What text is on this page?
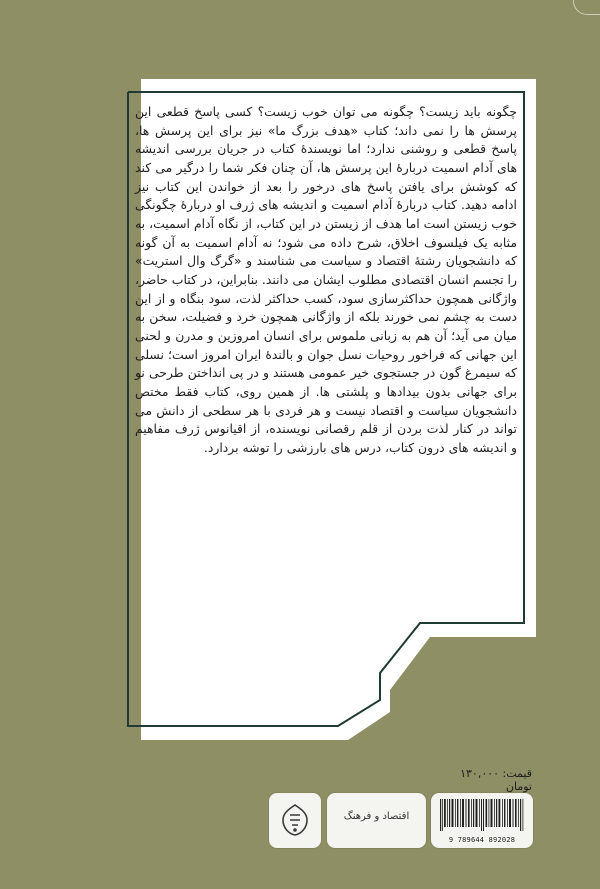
چگونه باید زیست؟ چگونه می توان خوب زیست؟ کسی پاسخ قطعی این پرسش ها را نمی داند؛ کتاب «هدف بزرگ ما» نیز برای این پرسش ها، پاسخ قطعی و روشنی ندارد؛ اما نویسندهٔ کتاب در جریان بررسی اندیشه های آدام اسمیت دربارهٔ این پرسش ها، آن چنان فکر شما را درگیر می کند که کوشش برای یافتن پاسخ های درخور را بعد از خواندن این کتاب نیز ادامه دهید. کتاب دربارهٔ آدام اسمیت و اندیشه های ژرف او دربارهٔ چگونگی خوب زیستن است اما هدف از زیستن در این کتاب، از نگاه آدام اسمیت، به مثابه یک فیلسوف اخلاق، شرح داده می شود؛ نه آدام اسمیت به آن گونه که دانشجویان رشتهٔ اقتصاد و سیاست می شناسند و «گرگ وال استریت» را تجسم انسان اقتصادی مطلوب ایشان می دانند. بنابراین، در کتاب حاضر، واژگانی همچون حداکثرسازی سود، کسب حداکثر لذت، سود بنگاه و از این دست به چشم نمی خورند بلکه از واژگانی همچون خرد و فضیلت، سخن به میان می آید؛ آن هم به زبانی ملموس برای انسان امروزین و مدرن و لحنی این جهانی که فراخور روحیات نسل جوان و بالندهٔ ایران امروز است؛ نسلی که سیمرغ گون در جستجوی خیر عمومی هستند و در پی انداختن طرحی نو برای جهانی بدون بیدادها و پلشتی ها. از همین روی، کتاب فقط مختص دانشجویان سیاست و اقتصاد نیست و هر فردی با هر سطحی از دانش می تواند در کنار لذت بردن از قلم رقصانی نویسنده، از اقیانوس ژرف مفاهیم و اندیشه های درون کتاب، درس های بارزشی را توشه بردارد.

قیمت: ۱۳۰,۰۰۰ تومان
اقتصاد و فرهنگ
9 789644 892028
